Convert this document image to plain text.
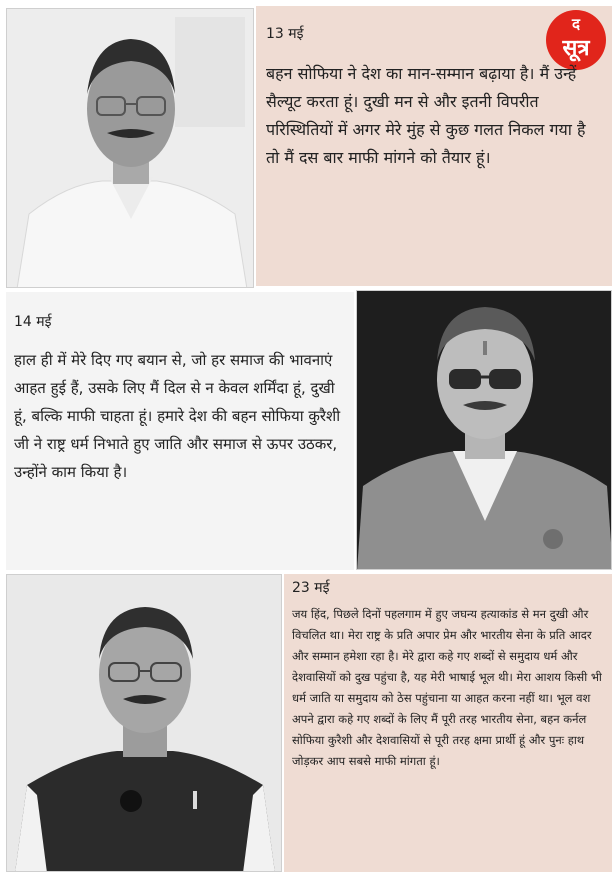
13 मई

द
सूत्र

बहन सोफिया ने देश का मान-सम्मान बढ़ाया है। मैं उन्हें सैल्यूट करता हूं। दुखी मन से और इतनी विपरीत परिस्थितियों में अगर मेरे मुंह से कुछ गलत निकल गया है तो मैं दस बार माफी मांगने को तैयार हूं।

14 मई

हाल ही में मेरे दिए गए बयान से, जो हर समाज की भावनाएं आहत हुई हैं, उसके लिए मैं दिल से न केवल शर्मिंदा हूं, दुखी हूं, बल्कि माफी चाहता हूं। हमारे देश की बहन सोफिया कुरैशी जी ने राष्ट्र धर्म निभाते हुए जाति और समाज से ऊपर उठकर, उन्होंने काम किया है।

23 मई

जय हिंद, पिछले दिनों पहलगाम में हुए जघन्य हत्याकांड से मन दुखी और विचलित था। मेरा राष्ट्र के प्रति अपार प्रेम और भारतीय सेना के प्रति आदर और सम्मान हमेशा रहा है। मेरे द्वारा कहे गए शब्दों से समुदाय धर्म और देशवासियों को दुख पहुंचा है, यह मेरी भाषाई भूल थी। मेरा आशय किसी भी धर्म जाति या समुदाय को ठेस पहुंचाना या आहत करना नहीं था। भूल वश अपने द्वारा कहे गए शब्दों के लिए मैं पूरी तरह भारतीय सेना, बहन कर्नल सोफिया कुरैशी और देशवासियों से पूरी तरह क्षमा प्रार्थी हूं और पुनः हाथ जोड़कर आप सबसे माफी मांगता हूं।
